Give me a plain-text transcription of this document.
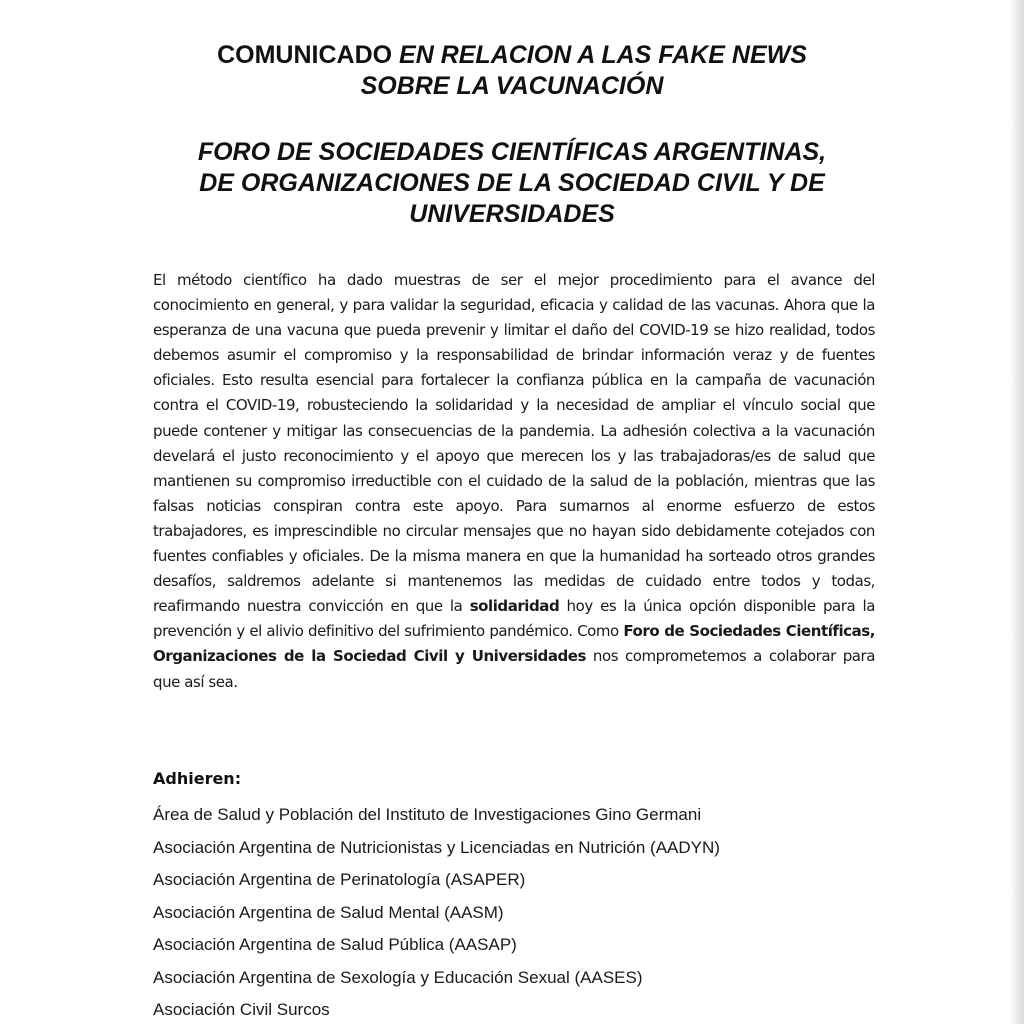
COMUNICADO EN RELACION A LAS FAKE NEWS
SOBRE LA VACUNACIÓN
FORO DE SOCIEDADES CIENTÍFICAS ARGENTINAS,
DE ORGANIZACIONES DE LA SOCIEDAD CIVIL Y DE
UNIVERSIDADES

El método científico ha dado muestras de ser el mejor procedimiento para el avance del conocimiento en general, y para validar la seguridad, eficacia y calidad de las vacunas. Ahora que la esperanza de una vacuna que pueda prevenir y limitar el daño del COVID-19 se hizo realidad, todos debemos asumir el compromiso y la responsabilidad de brindar información veraz y de fuentes oficiales. Esto resulta esencial para fortalecer la confianza pública en la campaña de vacunación contra el COVID-19, robusteciendo la solidaridad y la necesidad de ampliar el vínculo social que puede contener y mitigar las consecuencias de la pandemia. La adhesión colectiva a la vacunación develará el justo reconocimiento y el apoyo que merecen los y las trabajadoras/es de salud que mantienen su compromiso irreductible con el cuidado de la salud de la población, mientras que las falsas noticias conspiran contra este apoyo. Para sumarnos al enorme esfuerzo de estos trabajadores, es imprescindible no circular mensajes que no hayan sido debidamente cotejados con fuentes confiables y oficiales. De la misma manera en que la humanidad ha sorteado otros grandes desafíos, saldremos adelante si mantenemos las medidas de cuidado entre todos y todas, reafirmando nuestra convicción en que la solidaridad hoy es la única opción disponible para la prevención y el alivio definitivo del sufrimiento pandémico. Como Foro de Sociedades Científicas, Organizaciones de la Sociedad Civil y Universidades nos comprometemos a colaborar para que así sea.

Adhieren:
Área de Salud y Población del Instituto de Investigaciones Gino Germani
Asociación Argentina de Nutricionistas y Licenciadas en Nutrición (AADYN)
Asociación Argentina de Perinatología (ASAPER)
Asociación Argentina de Salud Mental (AASM)
Asociación Argentina de Salud Pública (AASAP)
Asociación Argentina de Sexología y Educación Sexual (AASES)
Asociación Civil Surcos
